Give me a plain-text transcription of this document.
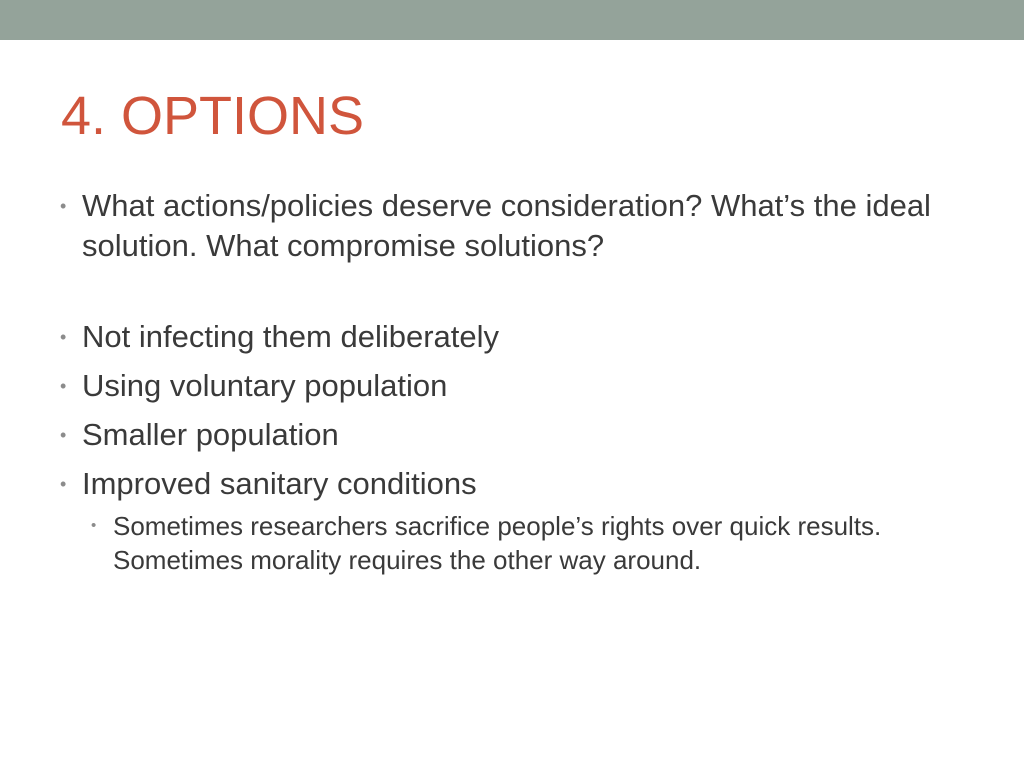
4. OPTIONS
• What actions/policies deserve consideration? What’s the ideal solution. What compromise solutions?
• Not infecting them deliberately
• Using voluntary population
• Smaller population
• Improved sanitary conditions
• Sometimes researchers sacrifice people’s rights over quick results. Sometimes morality requires the other way around.
